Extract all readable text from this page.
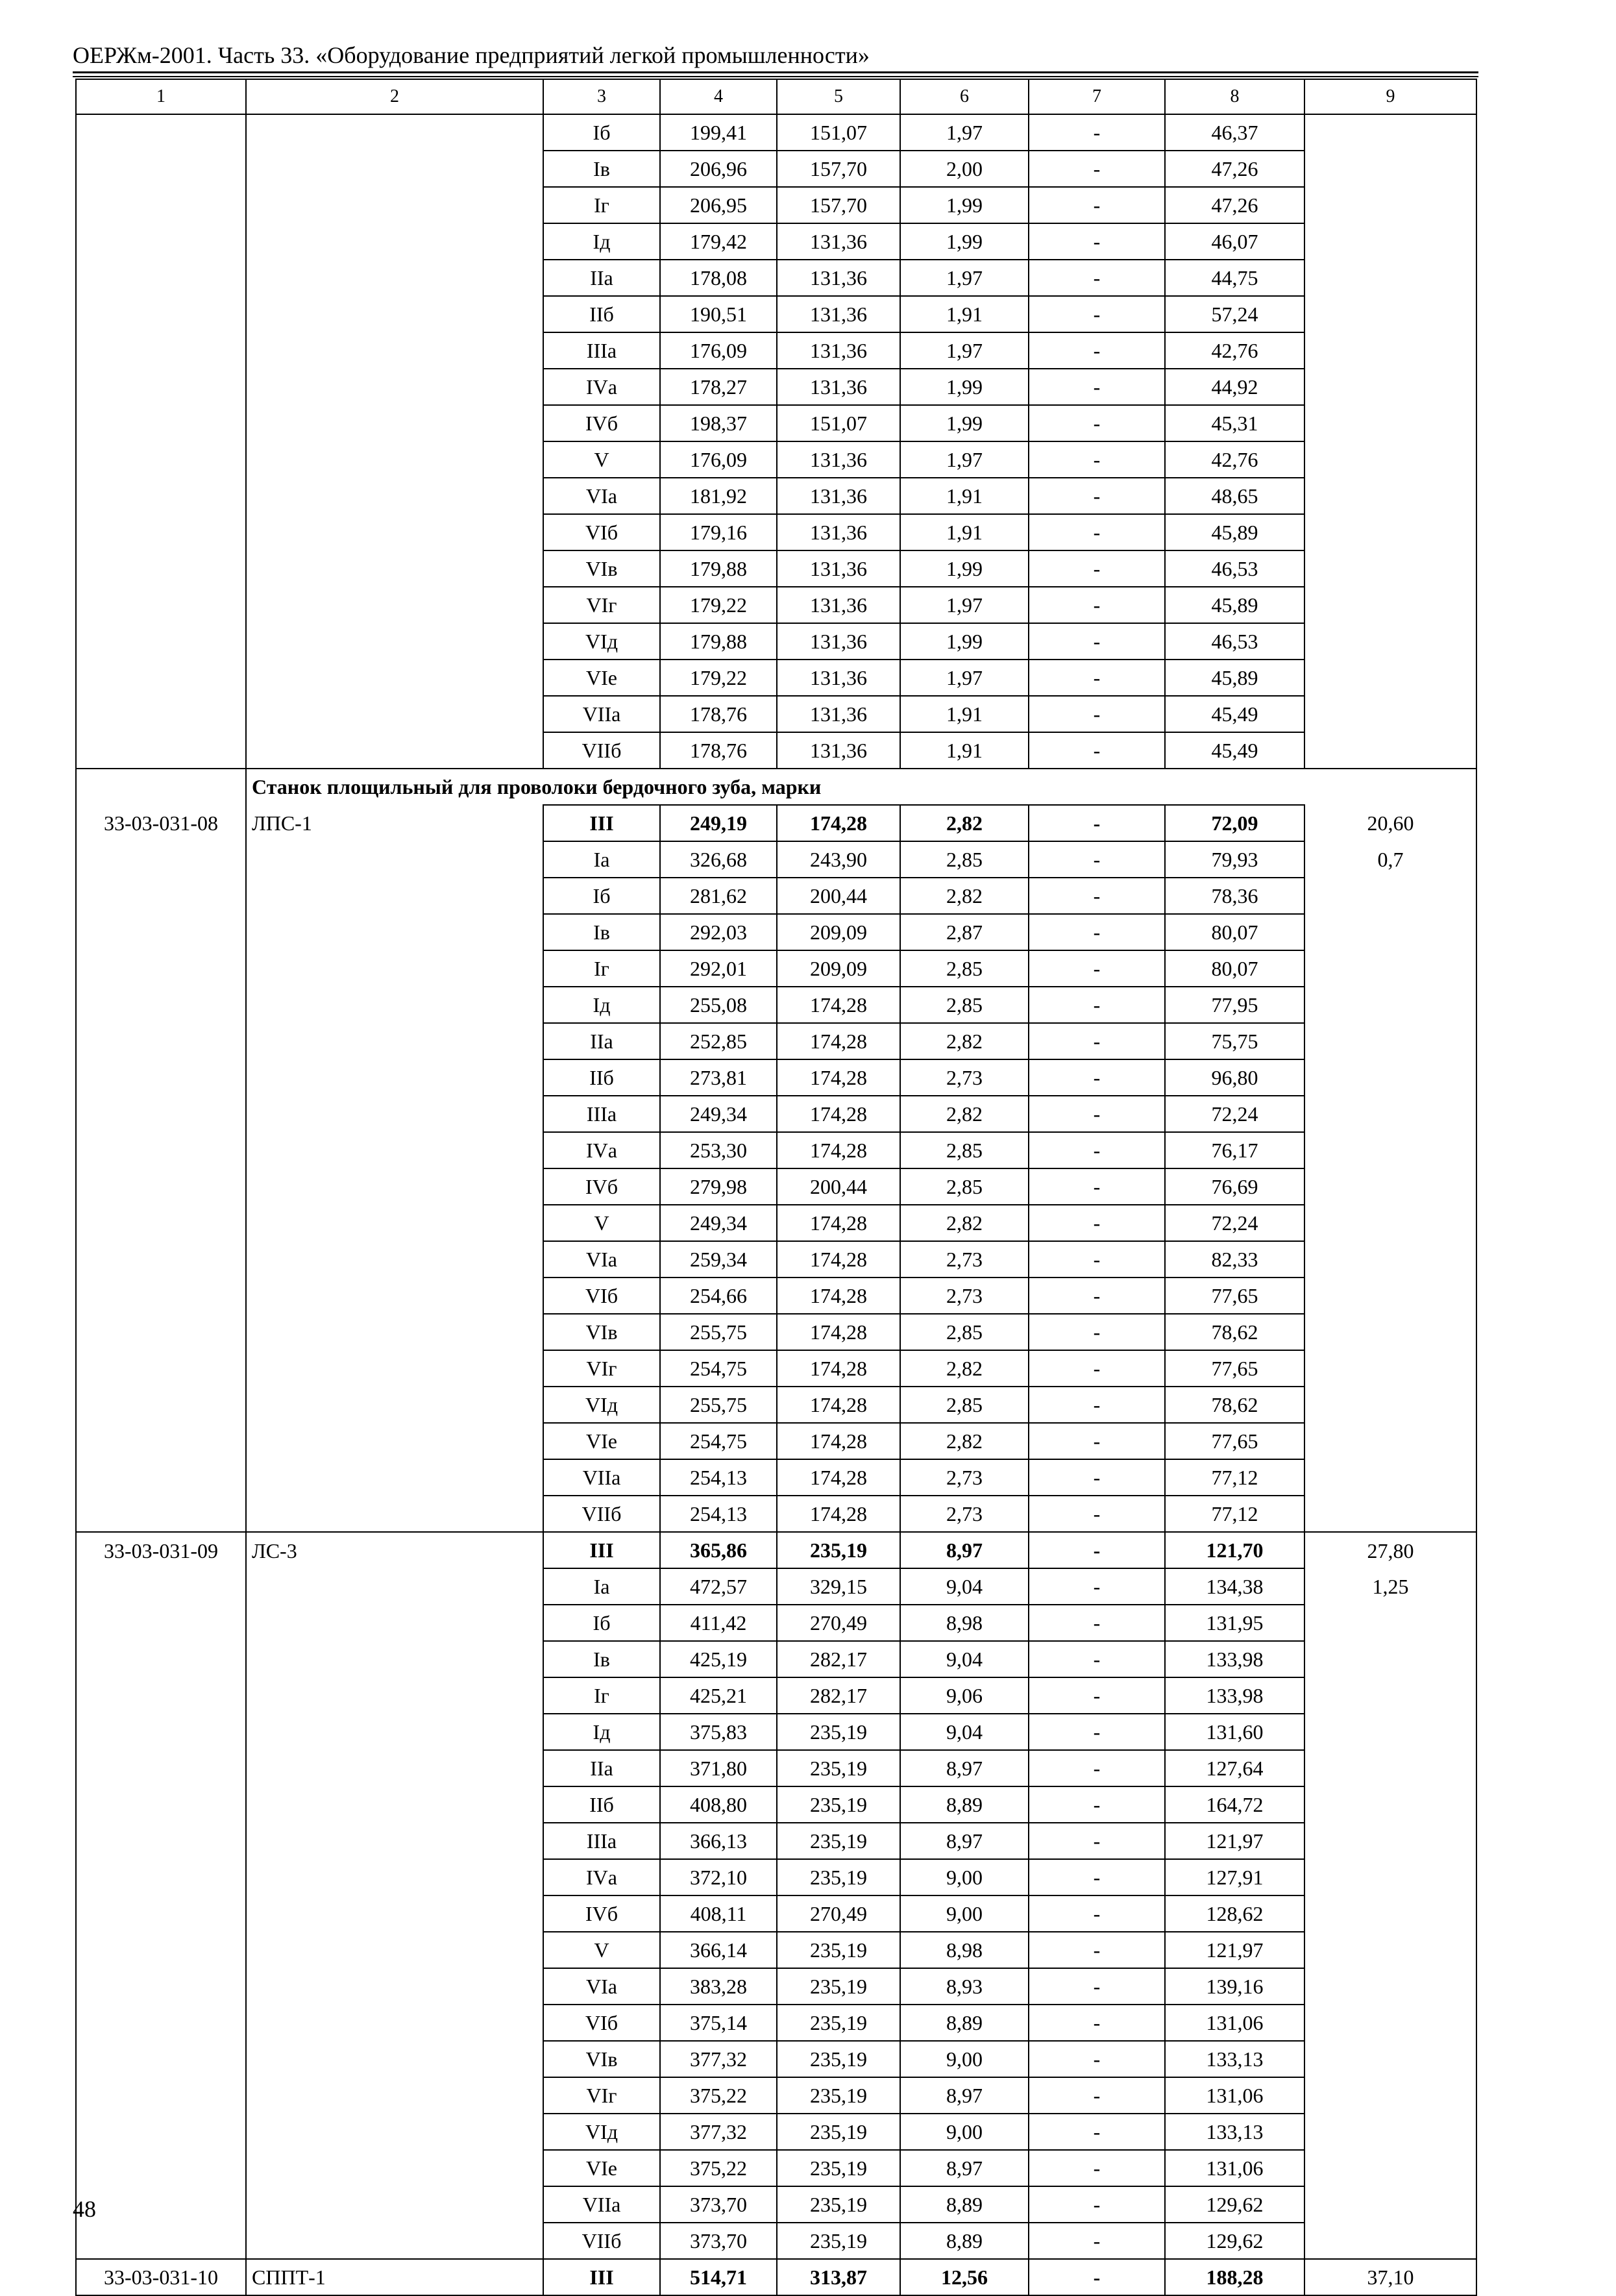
ОЕРЖм-2001. Часть 33. «Оборудование предприятий легкой промышленности»
1	2	3	4	5	6	7	8	9
		Iб	199,41	151,07	1,97	-	46,37	
		Iв	206,96	157,70	2,00	-	47,26	
		Iг	206,95	157,70	1,99	-	47,26	
		Iд	179,42	131,36	1,99	-	46,07	
		IIа	178,08	131,36	1,97	-	44,75	
		IIб	190,51	131,36	1,91	-	57,24	
		IIIа	176,09	131,36	1,97	-	42,76	
		IVа	178,27	131,36	1,99	-	44,92	
		IVб	198,37	151,07	1,99	-	45,31	
		V	176,09	131,36	1,97	-	42,76	
		VIа	181,92	131,36	1,91	-	48,65	
		VIб	179,16	131,36	1,91	-	45,89	
		VIв	179,88	131,36	1,99	-	46,53	
		VIг	179,22	131,36	1,97	-	45,89	
		VIд	179,88	131,36	1,99	-	46,53	
		VIе	179,22	131,36	1,97	-	45,89	
		VIIа	178,76	131,36	1,91	-	45,49	
		VIIб	178,76	131,36	1,91	-	45,49	
	Станок площильный для проволоки бердочного зуба, марки							
33-03-031-08	ЛПС-1	III	249,19	174,28	2,82	-	72,09	20,60
		Iа	326,68	243,90	2,85	-	79,93	0,7
		Iб	281,62	200,44	2,82	-	78,36	
		Iв	292,03	209,09	2,87	-	80,07	
		Iг	292,01	209,09	2,85	-	80,07	
		Iд	255,08	174,28	2,85	-	77,95	
		IIа	252,85	174,28	2,82	-	75,75	
		IIб	273,81	174,28	2,73	-	96,80	
		IIIа	249,34	174,28	2,82	-	72,24	
		IVа	253,30	174,28	2,85	-	76,17	
		IVб	279,98	200,44	2,85	-	76,69	
		V	249,34	174,28	2,82	-	72,24	
		VIа	259,34	174,28	2,73	-	82,33	
		VIб	254,66	174,28	2,73	-	77,65	
		VIв	255,75	174,28	2,85	-	78,62	
		VIг	254,75	174,28	2,82	-	77,65	
		VIд	255,75	174,28	2,85	-	78,62	
		VIе	254,75	174,28	2,82	-	77,65	
		VIIа	254,13	174,28	2,73	-	77,12	
		VIIб	254,13	174,28	2,73	-	77,12	
33-03-031-09	ЛС-3	III	365,86	235,19	8,97	-	121,70	27,80
		Iа	472,57	329,15	9,04	-	134,38	1,25
		Iб	411,42	270,49	8,98	-	131,95	
		Iв	425,19	282,17	9,04	-	133,98	
		Iг	425,21	282,17	9,06	-	133,98	
		Iд	375,83	235,19	9,04	-	131,60	
		IIа	371,80	235,19	8,97	-	127,64	
		IIб	408,80	235,19	8,89	-	164,72	
		IIIа	366,13	235,19	8,97	-	121,97	
		IVа	372,10	235,19	9,00	-	127,91	
		IVб	408,11	270,49	9,00	-	128,62	
		V	366,14	235,19	8,98	-	121,97	
		VIа	383,28	235,19	8,93	-	139,16	
		VIб	375,14	235,19	8,89	-	131,06	
		VIв	377,32	235,19	9,00	-	133,13	
		VIг	375,22	235,19	8,97	-	131,06	
		VIд	377,32	235,19	9,00	-	133,13	
		VIе	375,22	235,19	8,97	-	131,06	
		VIIа	373,70	235,19	8,89	-	129,62	
		VIIб	373,70	235,19	8,89	-	129,62	
33-03-031-10	СППТ-1	III	514,71	313,87	12,56	-	188,28	37,10
48
